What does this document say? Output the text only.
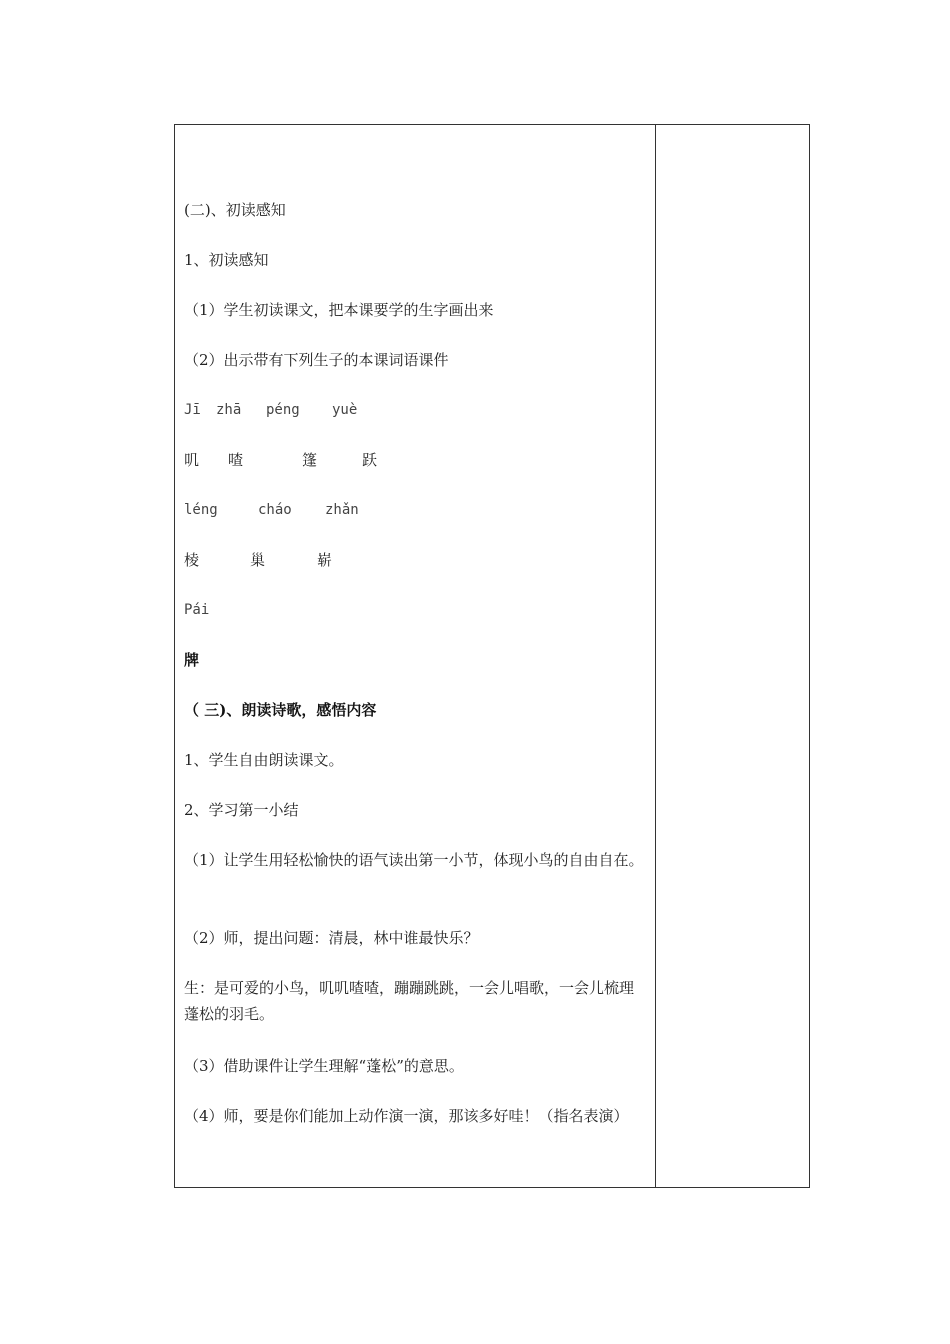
(二)、初读感知
1、初读感知
（1）学生初读课文，把本课要学的生字画出来
（2）出示带有下列生子的本课词语课件
Jī zhā péng yuè
叽 喳	篷	跃
léng	cháo zhǎn
棱	巢	崭
Pái
牌
（ 三)、朗读诗歌，感悟内容
1、学生自由朗读课文。
2、学习第一小结
（1）让学生用轻松愉快的语气读出第一小节，体现小鸟的自由自在。
（2）师，提出问题：清晨，林中谁最快乐？
生：是可爱的小鸟，叽叽喳喳，蹦蹦跳跳，一会儿唱歌，一会儿梳理蓬松的羽毛。
（3）借助课件让学生理解“蓬松”的意思。
（4）师，要是你们能加上动作演一演，那该多好哇！（指名表演）
